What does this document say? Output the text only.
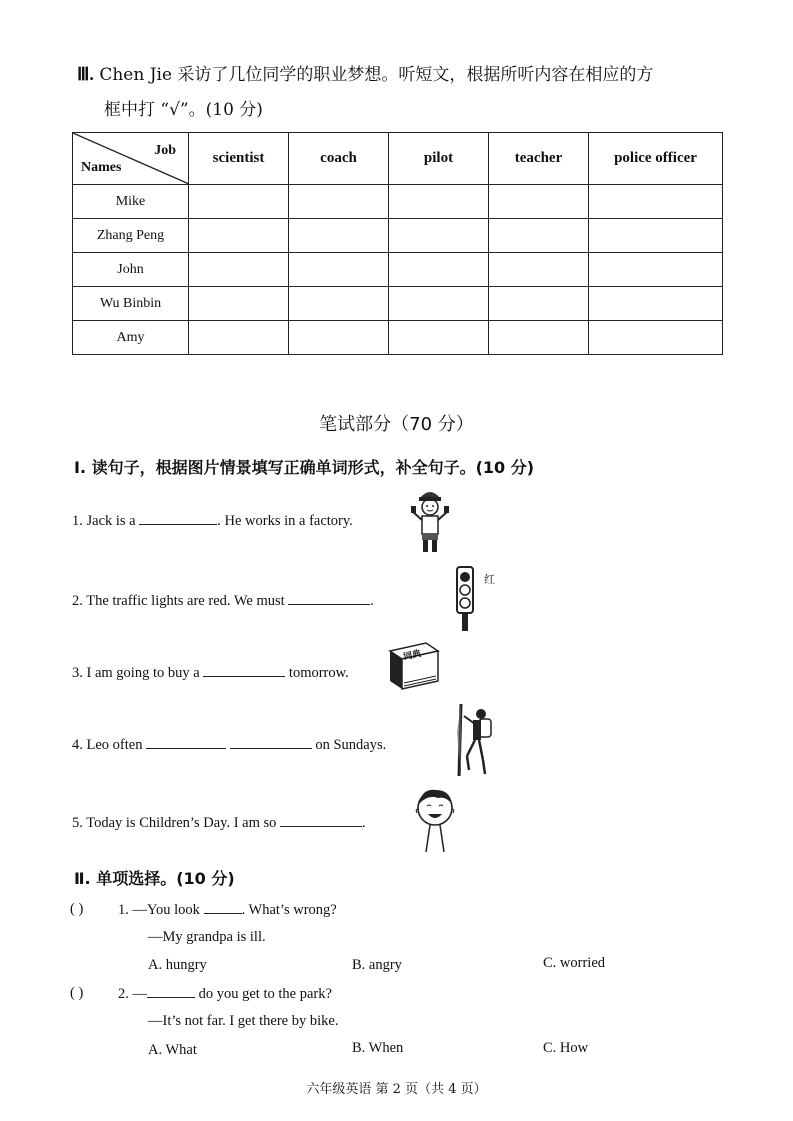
Ⅲ. Chen Jie 采访了几位同学的职业梦想。听短文，根据所听内容在相应的方
框中打 “√”。(10 分)
Job
Names	scientist	coach	pilot	teacher	police officer
Mike					
Zhang Peng					
John					
Wu Binbin					
Amy					
笔试部分（70 分）
Ⅰ. 读句子，根据图片情景填写正确单词形式，补全句子。(10 分)
1. Jack is a	. He works in a factory.
2. The traffic lights are red. We must	.
红
3. I am going to buy a	tomorrow.
词典
4. Leo often	on Sundays.
5. Today is Children’s Day. I am so	.
Ⅱ. 单项选择。(10 分)
( ) 1. —You look	. What’s wrong?
—My grandpa is ill.
A. hungry	B. angry	C. worried
( ) 2. —	do you get to the park?
—It’s not far. I get there by bike.
A. What	B. When	C. How
六年级英语 第 2 页（共 4 页）
